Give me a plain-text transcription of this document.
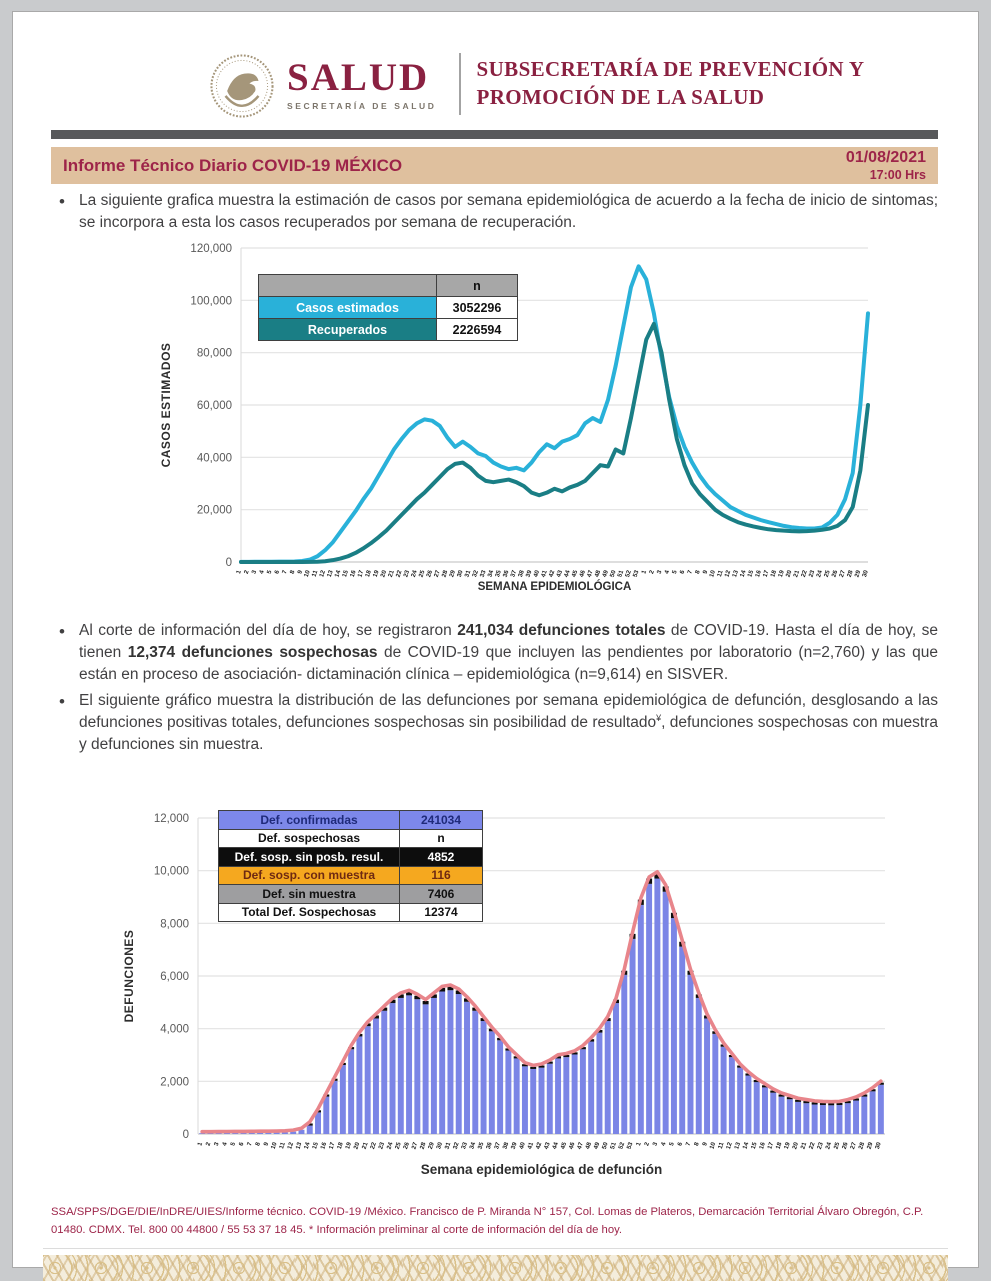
SALUD
SECRETARÍA DE SALUD
SUBSECRETARÍA DE PREVENCIÓN Y
PROMOCIÓN DE LA SALUD
Informe Técnico Diario COVID-19 MÉXICO	01/08/2021
17:00 Hrs
• La siguiente grafica muestra la estimación de casos por semana epidemiológica de acuerdo a la fecha de inicio de sintomas; se incorpora a esta los casos recuperados por semana de recuperación.
0
20,000
40,000
60,000
80,000
100,000
120,000
1 2 3 4 5 6 7 8 9
10
11
12
13
14
15
16
17
18
19
20
21
22
23
24
25
26
27
28
29
30
31
32
33
34
35
36
37
38
39
40
41
42
43
44
45
46
47
48
49
50
51
52
53 1 2 3 4 5 6 7 8 9
10
11
12
13
14
15
16
17
18
19
20
21
22
23
24
25
26
27
28
29
30
SEMANA EPIDEMIOLÓGICA
CASOS ESTIMADOS
	n
Casos estimados	3052296
Recuperados	2226594
• Al corte de información del día de hoy, se registraron 241,034 defunciones totales de COVID-19. Hasta el día de hoy, se tienen 12,374 defunciones sospechosas de COVID-19 que incluyen las pendientes por laboratorio (n=2,760) y las que están en proceso de asociación- dictaminación clínica – epidemiológica (n=9,614) en SISVER.
• El siguiente gráfico muestra la distribución de las defunciones por semana epidemiológica de defunción, desglosando a las defunciones positivas totales, defunciones sospechosas sin posibilidad de resultado¥, defunciones sospechosas con muestra y defunciones sin muestra.
0
2,000
4,000
6,000
8,000
10,000
12,000
1 2 3 4 5 6 7 8 9 10 11 12 13 14 15 16 17 18 19 20 21 22 23 24 25 26 27 28 29 30 31 32 33 34 35 36 37 38 39 40 41 42 43 44 45 46 47 48 49 50 51 52 53 1 2 3 4 5 6 7 8 9 10 11 12 13 14 15 16 17 18 19 20 21 22 23 24 25 26 27 28 29 30
Semana epidemiológica de defunción
DEFUNCIONES
Def. confirmadas	241034
Def. sospechosas	n
Def. sosp. sin posb. resul.	4852
Def. sosp. con muestra	116
Def. sin muestra	7406
Total Def. Sospechosas	12374
SSA/SPPS/DGE/DIE/InDRE/UIES/Informe técnico. COVID-19 /México. Francisco de P. Miranda N° 157, Col. Lomas de Plateros, Demarcación Territorial Álvaro Obregón, C.P. 01480. CDMX. Tel. 800 00 44800 / 55 53 37 18 45. * Información preliminar al corte de información del día de hoy.
